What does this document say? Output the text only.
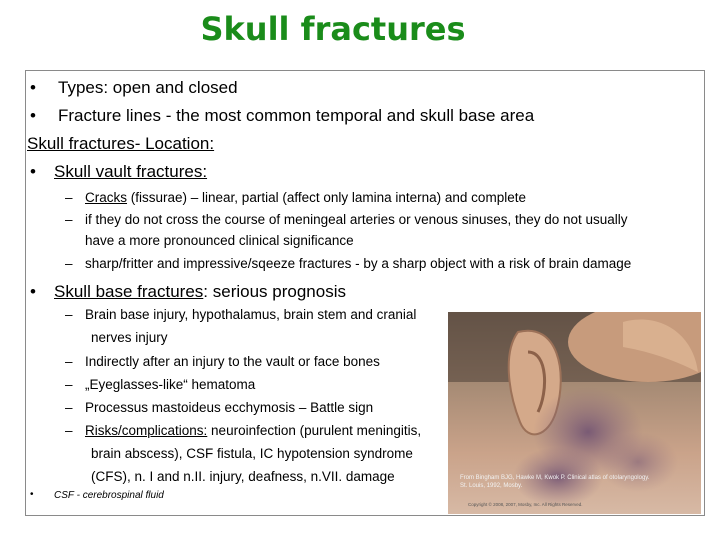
Skull fractures
• Types: open and closed
• Fracture lines - the most common temporal and skull base area
Skull fractures- Location:
• Skull vault fractures:
– Cracks (fissurae) – linear, partial (affect only lamina interna) and complete
– if they do not cross the course of meningeal arteries or venous sinuses, they do not usually
have a more pronounced clinical significance
– sharp/fritter and impressive/sqeeze fractures - by a sharp object with a risk of brain damage
• Skull base fractures: serious prognosis
– Brain base injury, hypothalamus, brain stem and cranial
nerves injury
– Indirectly after an injury to the vault or face bones
– „Eyeglasses-like“ hematoma
– Processus mastoideus ecchymosis – Battle sign
– Risks/complications: neuroinfection (purulent meningitis,
brain abscess), CSF fistula, IC hypotension syndrome
(CFS), n. I and n.II. injury, deafness, n.VII. damage
• CSF - cerebrospinal fluid
From Bingham BJG, Hawke M, Kwok P. Clinical atlas of otolaryngology.
St. Louis, 1992, Mosby.
Copyright © 2008, 2007, Mosby, Inc. All Rights Reserved.
